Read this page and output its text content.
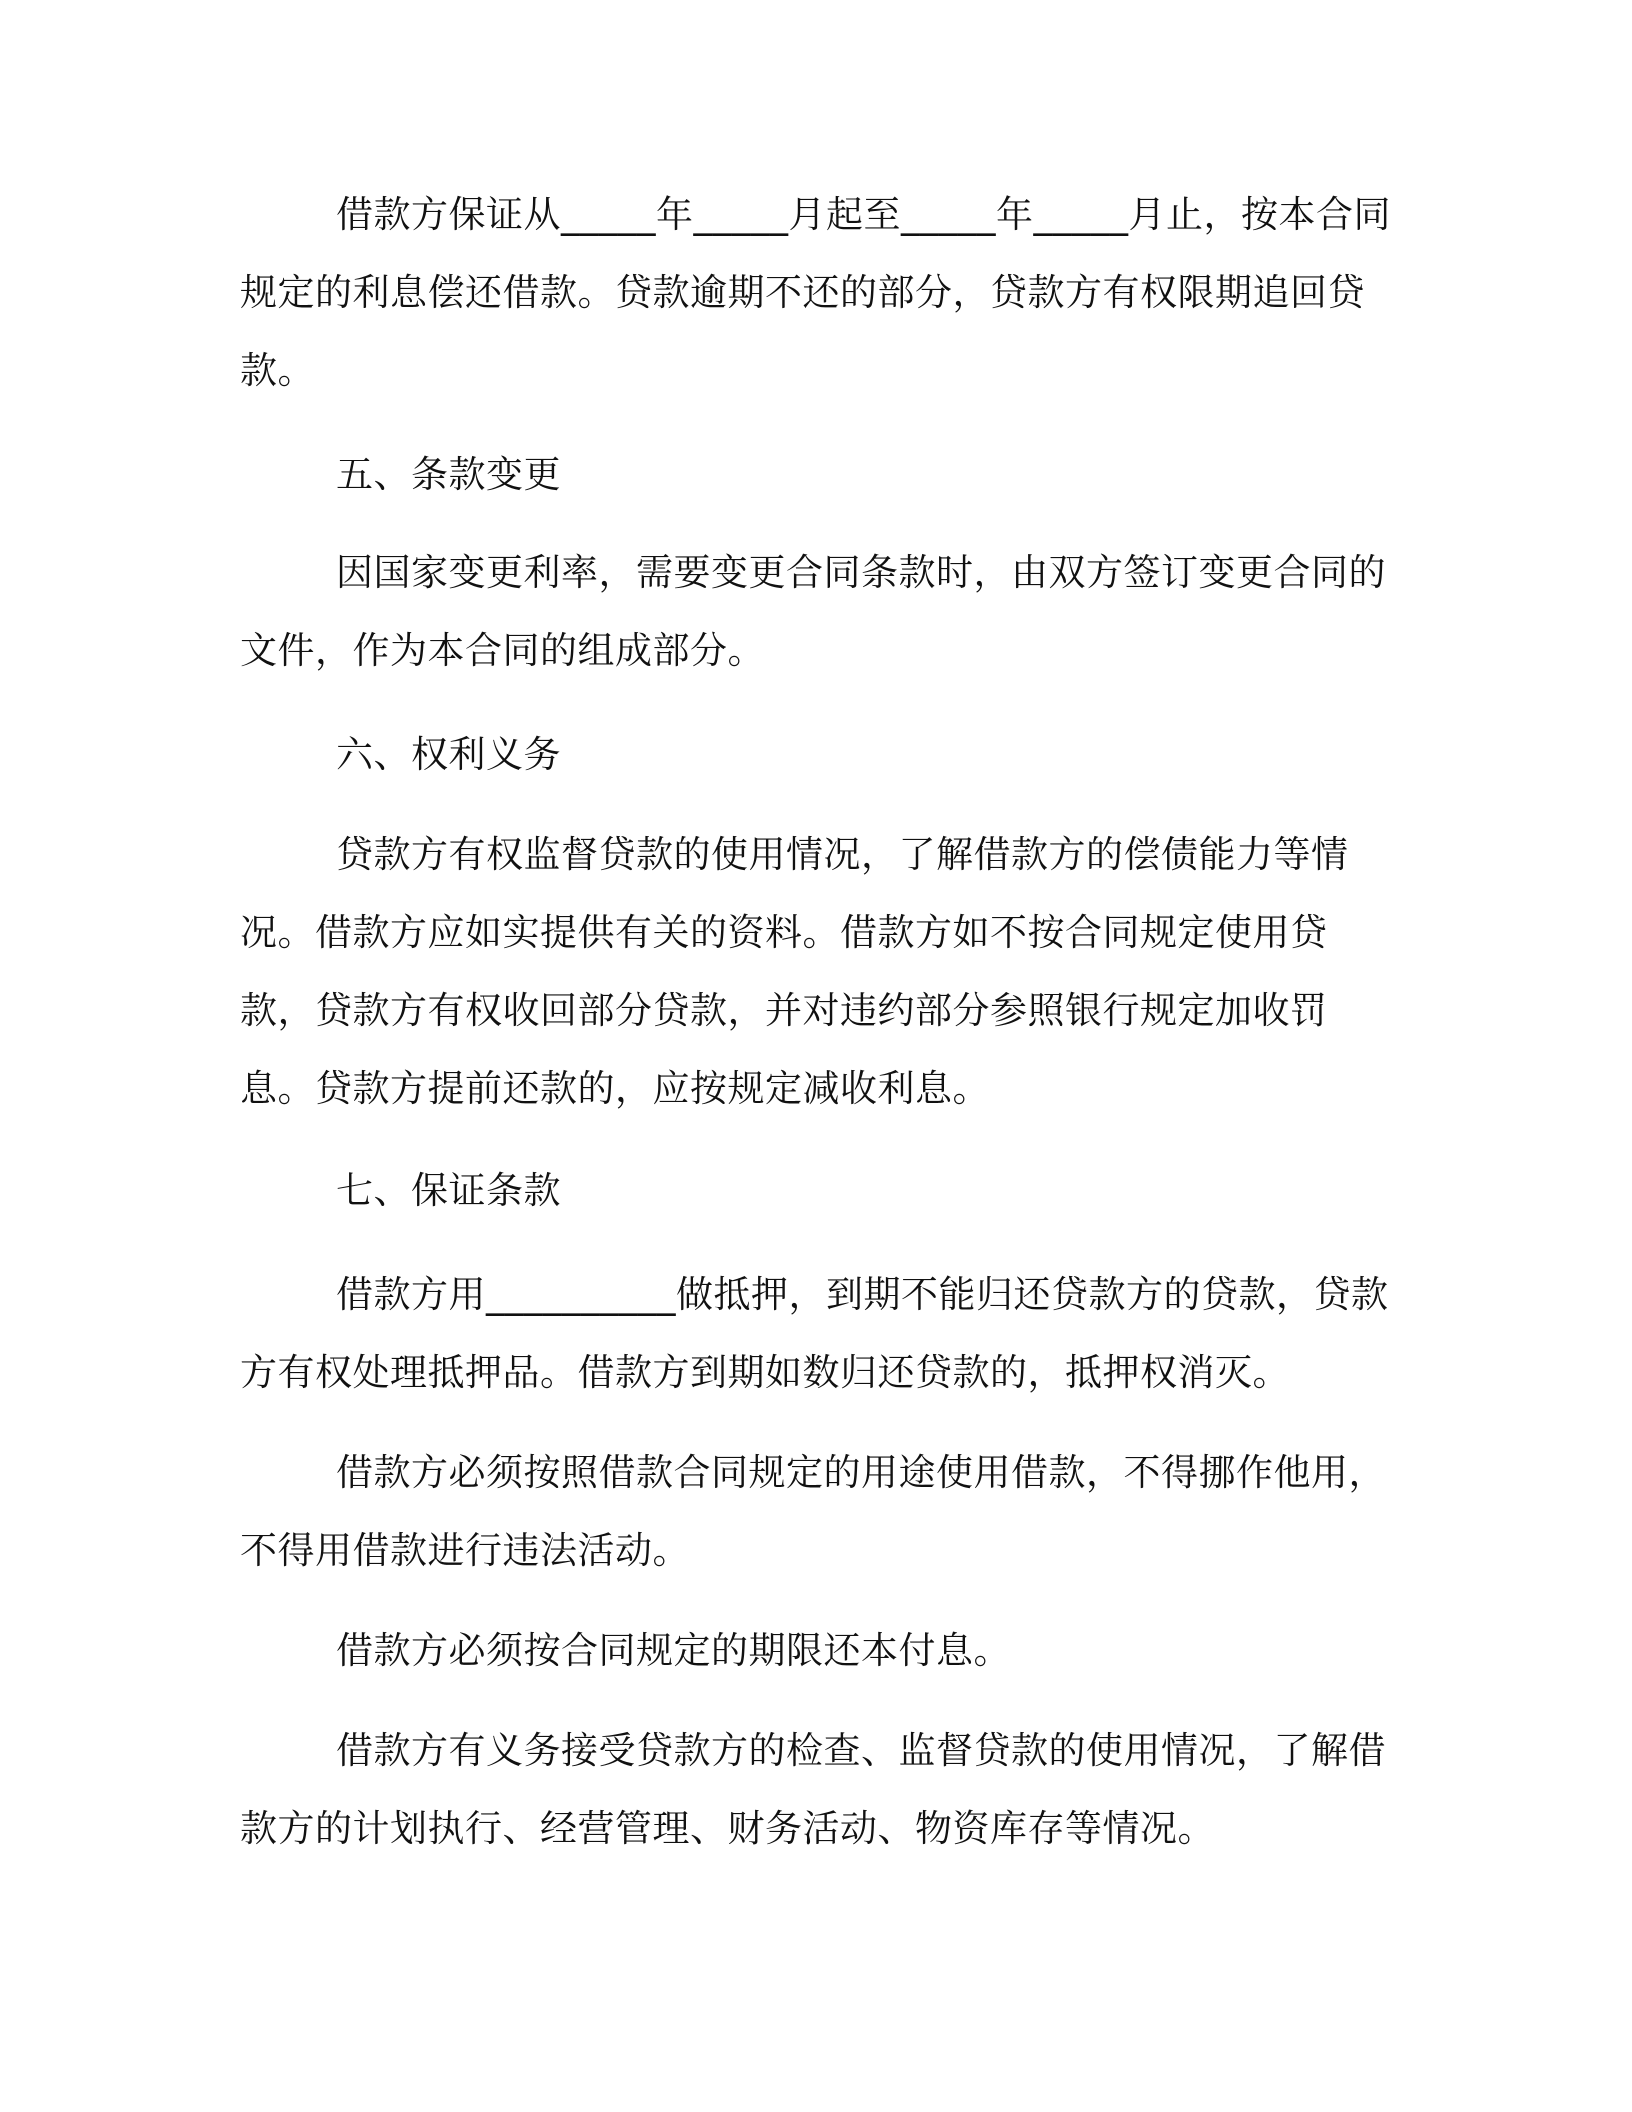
借款方保证从_____年_____月起至_____年_____月止，按本合同规定的利息偿还借款。贷款逾期不还的部分，贷款方有权限期追回贷款。
五、条款变更
因国家变更利率，需要变更合同条款时，由双方签订变更合同的文件，作为本合同的组成部分。
六、权利义务
贷款方有权监督贷款的使用情况，了解借款方的偿债能力等情况。借款方应如实提供有关的资料。借款方如不按合同规定使用贷款，贷款方有权收回部分贷款，并对违约部分参照银行规定加收罚息。贷款方提前还款的，应按规定减收利息。
七、保证条款
借款方用__________做抵押，到期不能归还贷款方的贷款，贷款方有权处理抵押品。借款方到期如数归还贷款的，抵押权消灭。
借款方必须按照借款合同规定的用途使用借款，不得挪作他用，不得用借款进行违法活动。
借款方必须按合同规定的期限还本付息。
借款方有义务接受贷款方的检查、监督贷款的使用情况，了解借款方的计划执行、经营管理、财务活动、物资库存等情况。
